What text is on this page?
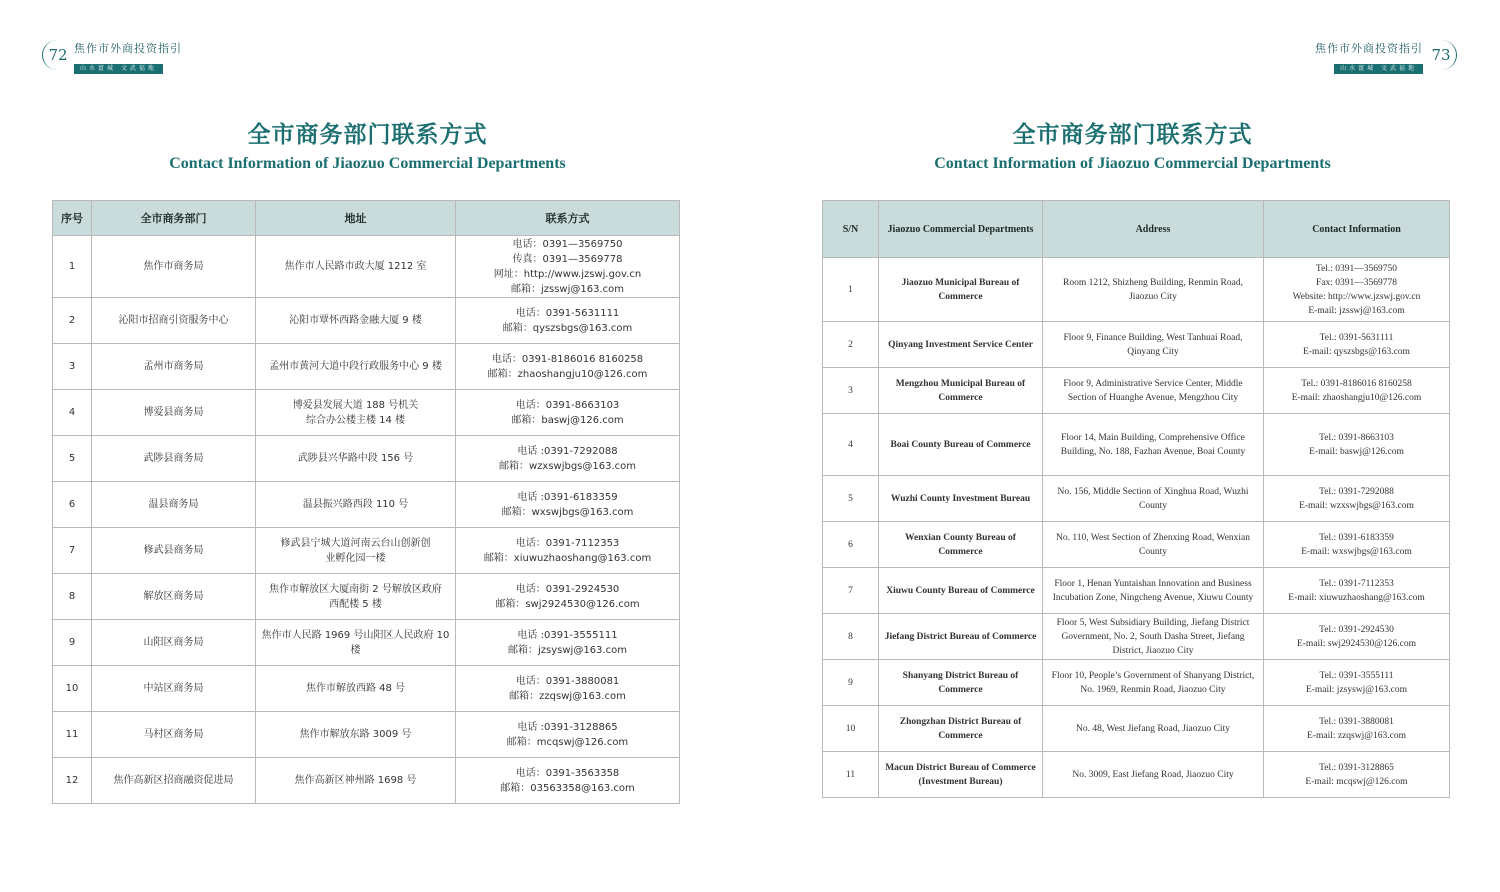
72 焦作市外商投资指引
山水富城 文武福地
全市商务部门联系方式
Contact Information of Jiaozuo Commercial Departments
序号	全市商务部门	地址	联系方式
1	焦作市商务局	焦作市人民路市政大厦 1212 室	电话：0391—3569750
传真：0391—3569778
网址：http://www.jzswj.gov.cn
邮箱：jzsswj@163.com

2	沁阳市招商引资服务中心	沁阳市覃怀西路金融大厦 9 楼	电话：0391-5631111
邮箱：qyszsbgs@163.com

3	孟州市商务局	孟州市黄河大道中段行政服务中心 9 楼	电话：0391-8186016 8160258
邮箱：zhaoshangju10@126.com

4	博爱县商务局	博爱县发展大道 188 号机关
综合办公楼主楼 14 楼	电话：0391-8663103
邮箱：baswj@126.com

5	武陟县商务局	武陟县兴华路中段 156 号	电话 :0391-7292088
邮箱：wzxswjbgs@163.com

6	温县商务局	温县振兴路西段 110 号	电话 :0391-6183359
邮箱：wxswjbgs@163.com

7	修武县商务局	修武县宁城大道河南云台山创新创
业孵化园一楼	电话：0391-7112353
邮箱：xiuwuzhaoshang@163.com

8	解放区商务局	焦作市解放区大厦南街 2 号解放区政府
西配楼 5 楼	电话：0391-2924530
邮箱：swj2924530@126.com

9	山阳区商务局	焦作市人民路 1969 号山阳区人民政府 10 楼	电话 :0391-3555111
邮箱：jzsyswj@163.com

10	中站区商务局	焦作市解放西路 48 号	电话：0391-3880081
邮箱：zzqswj@163.com

11	马村区商务局	焦作市解放东路 3009 号	电话 :0391-3128865
邮箱：mcqswj@126.com

12	焦作高新区招商融资促进局	焦作高新区神州路 1698 号	电话：0391-3563358
邮箱：03563358@163.com
焦作市外商投资指引
山水富城 文武福地
73
全市商务部门联系方式
Contact Information of Jiaozuo Commercial Departments
S/N	Jiaozuo Commercial Departments	Address	Contact Information
1	Jiaozuo Municipal Bureau of
Commerce	Room 1212, Shizheng Building, Renmin Road,
Jiaozuo City	Tel.: 0391—3569750
Fax: 0391—3569778
Website: http://www.jzswj.gov.cn
E-mail: jzsswj@163.com

2	Qinyang Investment Service Center	Floor 9, Finance Building, West Tanhuai Road,
Qinyang City	Tel.: 0391-5631111
E-mail: qyszsbgs@163.com

3	Mengzhou Municipal Bureau of
Commerce	Floor 9, Administrative Service Center, Middle
Section of Huanghe Avenue, Mengzhou City	Tel.: 0391-8186016 8160258
E-mail: zhaoshangju10@126.com

4	Boai County Bureau of Commerce	Floor 14, Main Building, Comprehensive Office
Building, No. 188, Fazhan Avenue, Boai County	Tel.: 0391-8663103
E-mail: baswj@126.com

5	Wuzhi County Investment Bureau	No. 156, Middle Section of Xinghua Road, Wuzhi
County	Tel.: 0391-7292088
E-mail: wzxswjbgs@163.com

6	Wenxian County Bureau of
Commerce	No. 110, West Section of Zhenxing Road, Wenxian
County	Tel.: 0391-6183359
E-mail: wxswjbgs@163.com

7	Xiuwu County Bureau of Commerce	Floor 1, Henan Yuntaishan Innovation and Business
Incubation Zone, Ningcheng Avenue, Xiuwu County	Tel.: 0391-7112353
E-mail: xiuwuzhaoshang@163.com

8	Jiefang District Bureau of Commerce	Floor 5, West Subsidiary Building, Jiefang District
Government, No. 2, South Dasha Street, Jiefang
District, Jiaozuo City	Tel.: 0391-2924530
E-mail: swj2924530@126.com

9	Shanyang District Bureau of
Commerce	Floor 10, People’s Government of Shanyang District,
No. 1969, Renmin Road, Jiaozuo City	Tel.: 0391-3555111
E-mail: jzsyswj@163.com

10	Zhongzhan District Bureau of
Commerce	No. 48, West Jiefang Road, Jiaozuo City	Tel.: 0391-3880081
E-mail: zzqswj@163.com

11	Macun District Bureau of Commerce
(Investment Bureau)	No. 3009, East Jiefang Road, Jiaozuo City	Tel.: 0391-3128865
E-mail: mcqswj@126.com
